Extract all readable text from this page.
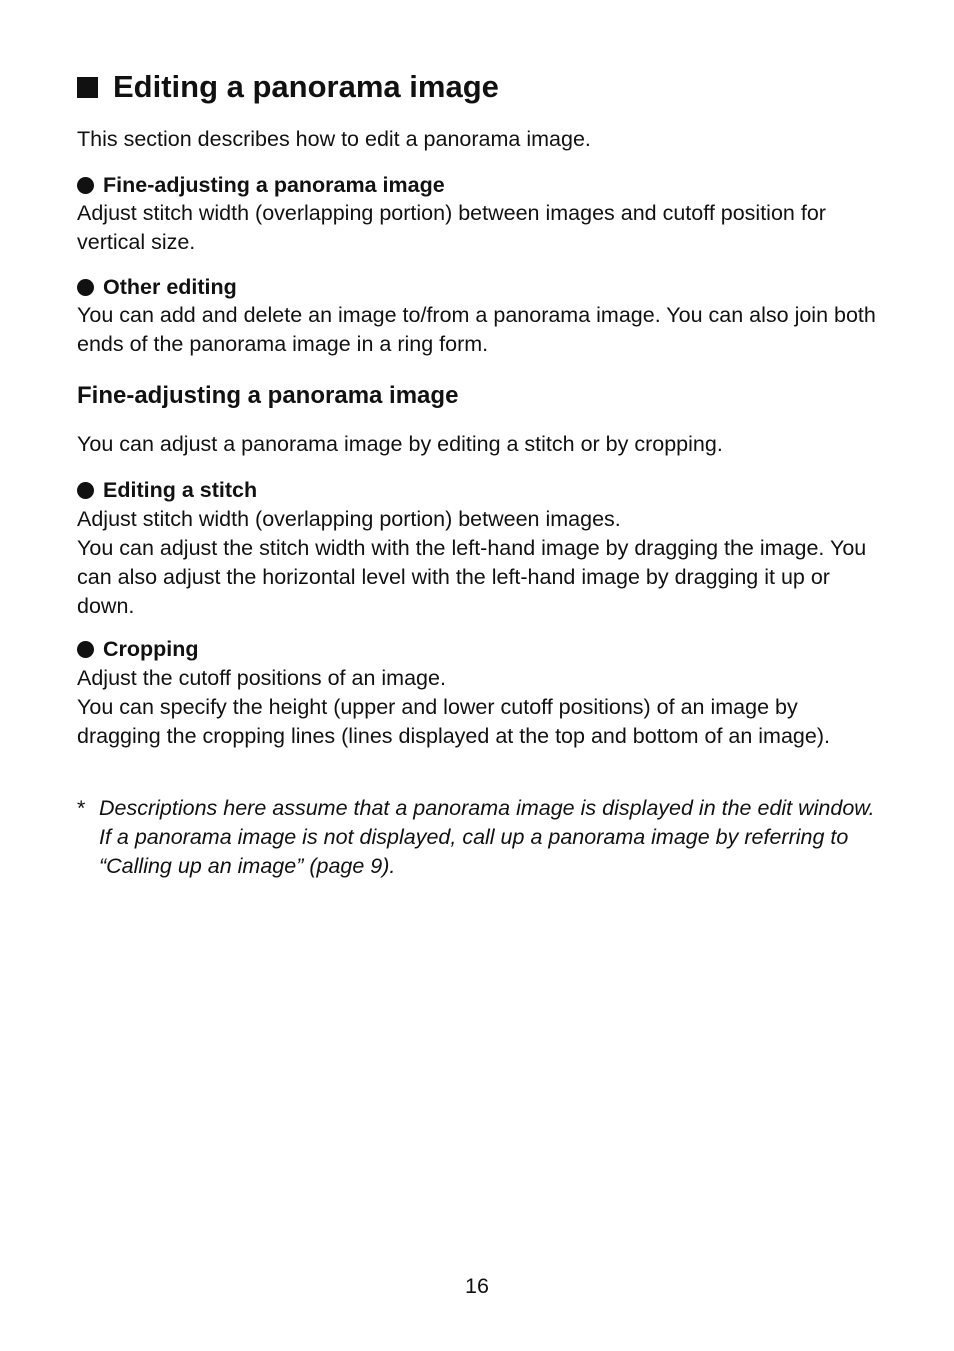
Editing a panorama image

This section describes how to edit a panorama image.

Fine-adjusting a panorama image

Adjust stitch width (overlapping portion) between images and cutoff position for vertical size.

Other editing

You can add and delete an image to/from a panorama image. You can also join both ends of the panorama image in a ring form.

Fine-adjusting a panorama image

You can adjust a panorama image by editing a stitch or by cropping.

Editing a stitch

Adjust stitch width (overlapping portion) between images.
You can adjust the stitch width with the left-hand image by dragging the image. You can also adjust the horizontal level with the left-hand image by dragging it up or down.

Cropping

Adjust the cutoff positions of an image.
You can specify the height (upper and lower cutoff positions) of an image by dragging the cropping lines (lines displayed at the top and bottom of an image).

* Descriptions here assume that a panorama image is displayed in the edit window. If a panorama image is not displayed, call up a panorama image by referring to “Calling up an image” (page 9).
16
